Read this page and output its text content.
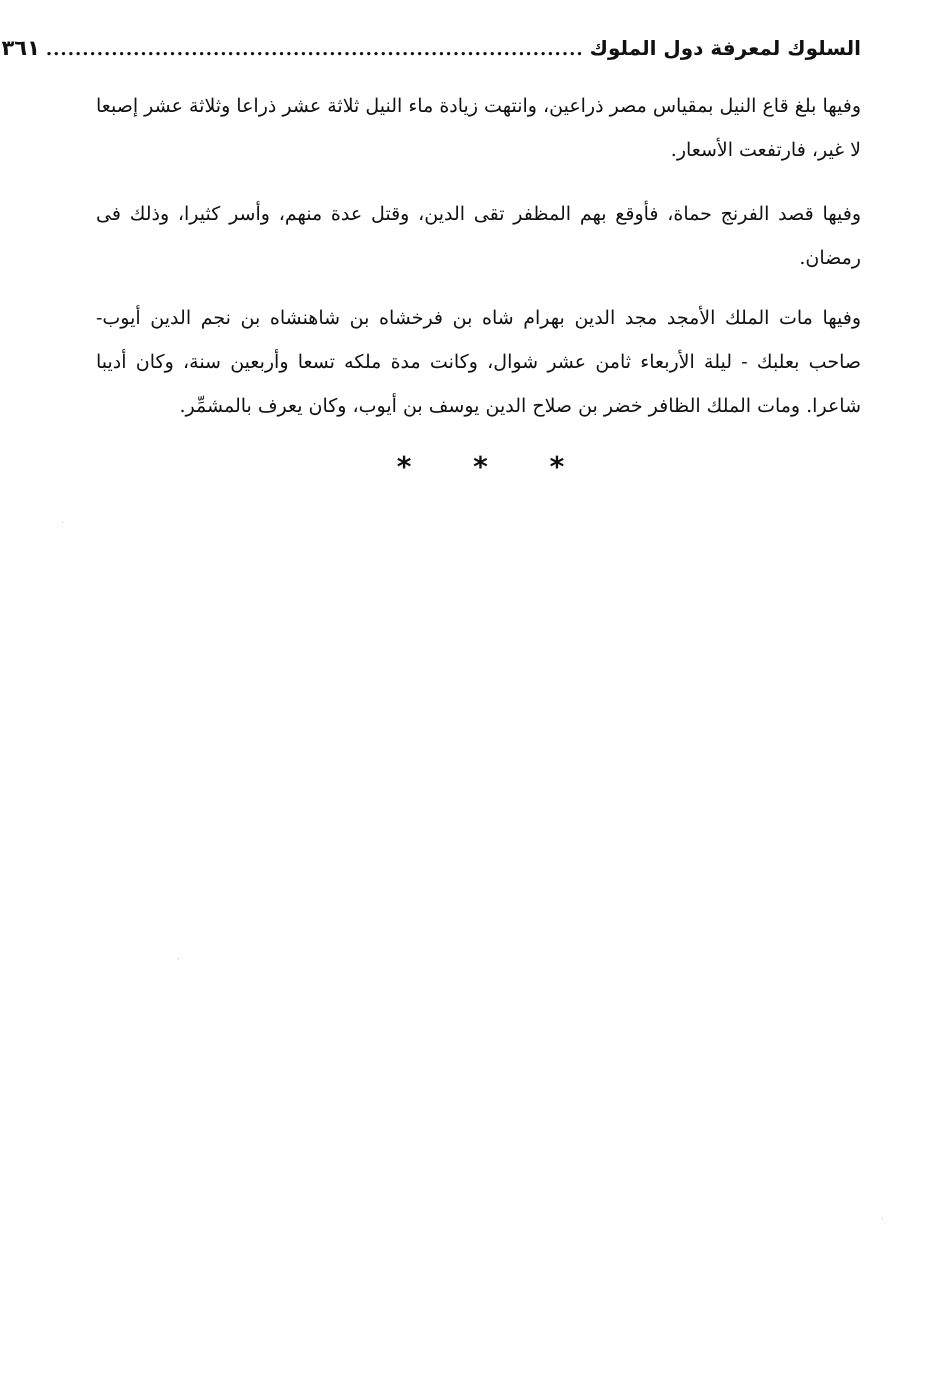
السلوك لمعرفة دول الملوك
..........................................................................
٣٦١

وفيها بلغ قاع النيل بمقياس مصر ذراعين، وانتهت زيادة ماء النيل ثلاثة عشر ذراعا وثلاثة عشر إصبعا لا غير، فارتفعت الأسعار.

وفيها قصد الفرنج حماة، فأوقع بهم المظفر تقى الدين، وقتل عدة منهم، وأسر كثيرا، وذلك فى رمضان.

وفيها مات الملك الأمجد مجد الدين بهرام شاه بن فرخشاه بن شاهنشاه بن نجم الدين أيوب- صاحب بعلبك - ليلة الأربعاء ثامن عشر شوال، وكانت مدة ملكه تسعا وأربعين سنة، وكان أديبا شاعرا. ومات الملك الظافر خضر بن صلاح الدين يوسف بن أيوب، وكان يعرف بالمشمِّر.

* * *
